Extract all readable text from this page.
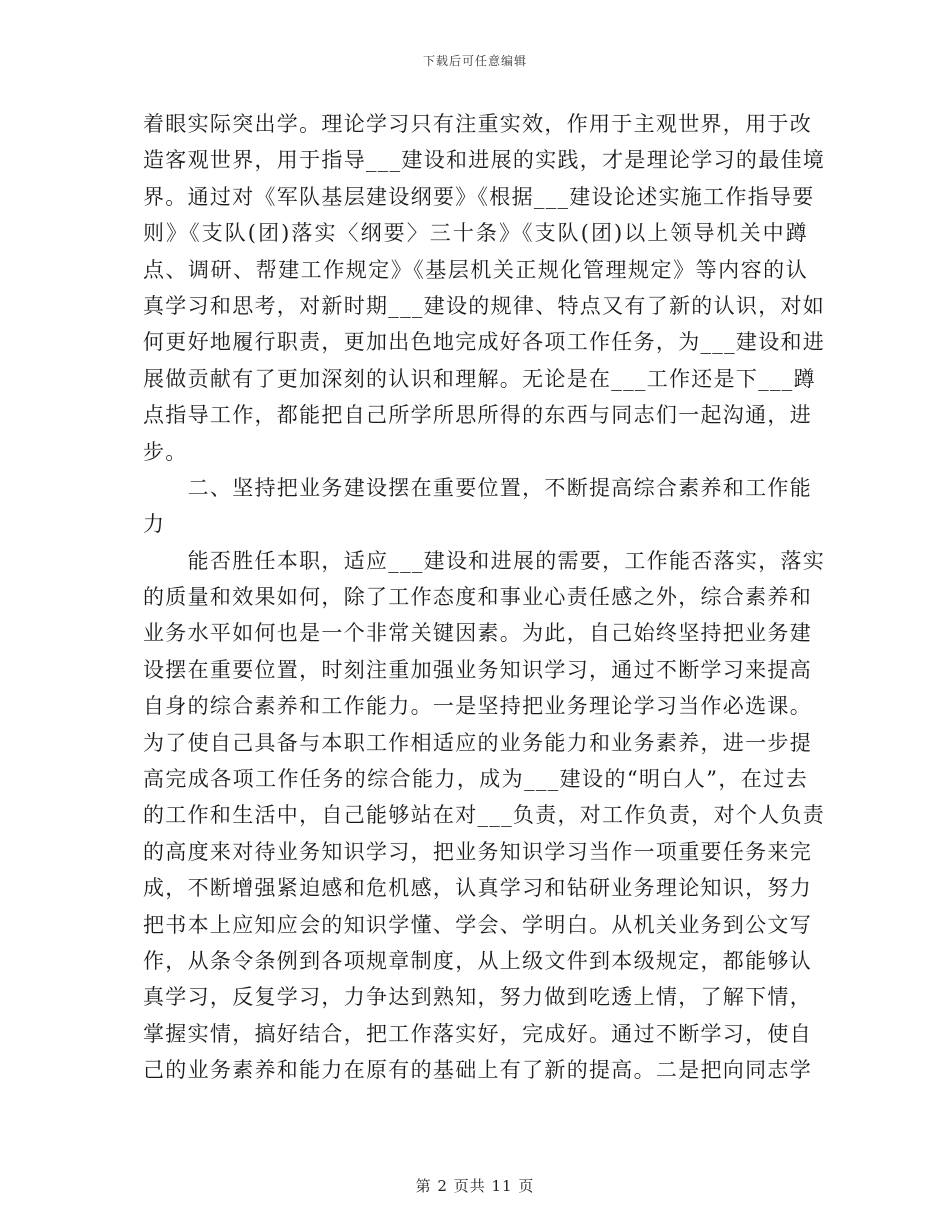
下载后可任意编辑
着眼实际突出学。理论学习只有注重实效，作用于主观世界，用于改
造客观世界，用于指导___建设和进展的实践，才是理论学习的最佳境
界。通过对《军队基层建设纲要》《根据___建设论述实施工作指导要
则》《支队(团)落实〈纲要〉三十条》《支队(团)以上领导机关中蹲
点、调研、帮建工作规定》《基层机关正规化管理规定》等内容的认
真学习和思考，对新时期___建设的规律、特点又有了新的认识，对如
何更好地履行职责，更加出色地完成好各项工作任务，为___建设和进
展做贡献有了更加深刻的认识和理解。无论是在___工作还是下___蹲
点指导工作，都能把自己所学所思所得的东西与同志们一起沟通，进
步。
　　二、坚持把业务建设摆在重要位置，不断提高综合素养和工作能
力
　　能否胜任本职，适应___建设和进展的需要，工作能否落实，落实
的质量和效果如何，除了工作态度和事业心责任感之外，综合素养和
业务水平如何也是一个非常关键因素。为此，自己始终坚持把业务建
设摆在重要位置，时刻注重加强业务知识学习，通过不断学习来提高
自身的综合素养和工作能力。一是坚持把业务理论学习当作必选课。
为了使自己具备与本职工作相适应的业务能力和业务素养，进一步提
高完成各项工作任务的综合能力，成为___建设的“明白人”，在过去
的工作和生活中，自己能够站在对___负责，对工作负责，对个人负责
的高度来对待业务知识学习，把业务知识学习当作一项重要任务来完
成，不断增强紧迫感和危机感，认真学习和钻研业务理论知识，努力
把书本上应知应会的知识学懂、学会、学明白。从机关业务到公文写
作，从条令条例到各项规章制度，从上级文件到本级规定，都能够认
真学习，反复学习，力争达到熟知，努力做到吃透上情，了解下情，
掌握实情，搞好结合，把工作落实好，完成好。通过不断学习，使自
己的业务素养和能力在原有的基础上有了新的提高。二是把向同志学
第 2 页共 11 页
